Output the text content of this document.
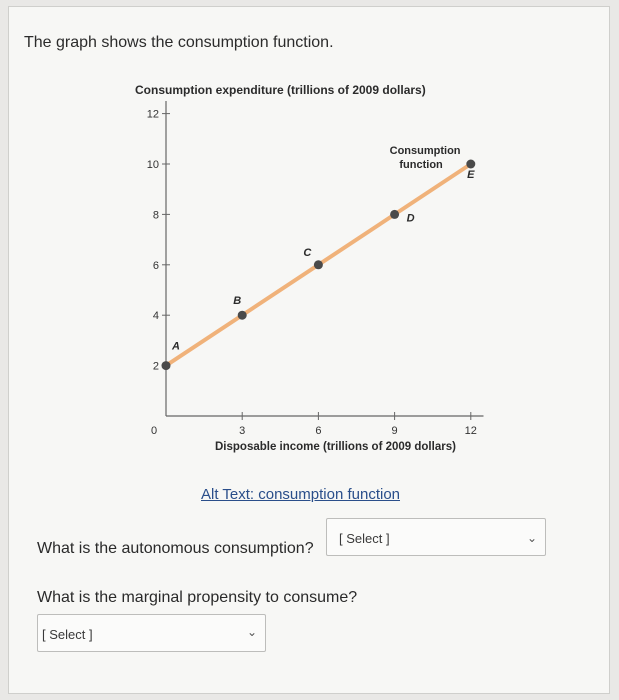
The graph shows the consumption function.
Consumption expenditure (trillions of 2009 dollars)
2
4
6
8
10
12
3	6	9	12
0
Disposable income (trillions of 2009 dollars)
Consumption
function
A
B
C
D
E
Alt Text: consumption function
What is the autonomous consumption?
[ Select ]	⌄
What is the marginal propensity to consume?
[ Select ]	⌄
